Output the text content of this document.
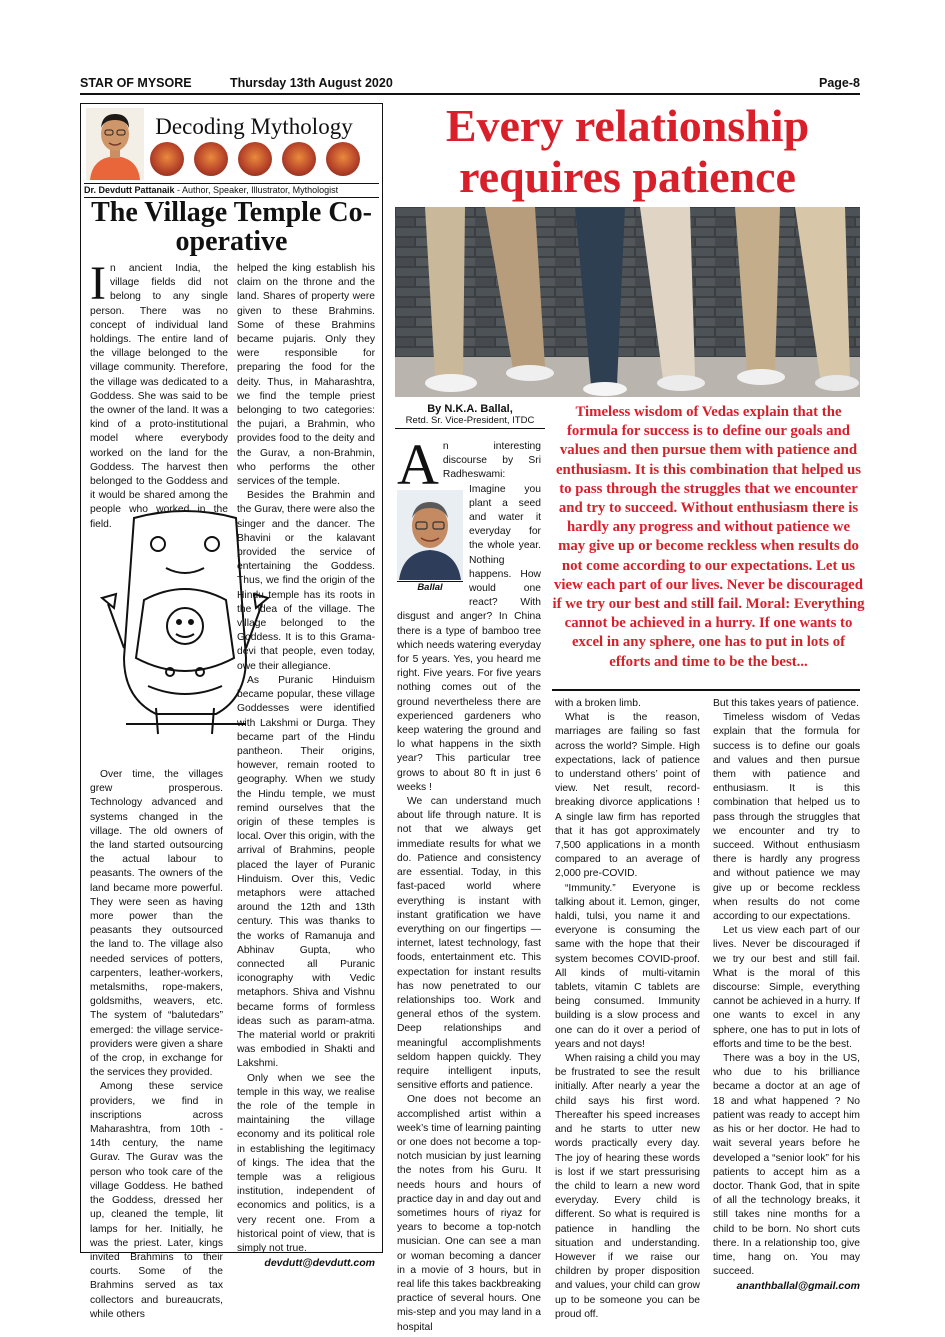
STAR OF MYSORE	Thursday 13th August 2020	Page-8
Decoding Mythology
Dr. Devdutt Pattanaik - Author, Speaker, Illustrator, Mythologist
The Village Temple Co-operative
I n ancient India, the village fields did not belong to any single person. There was no concept of individual land holdings. The entire land of the village belonged to the village community. Therefore, the village was dedicated to a Goddess. She was said to be the owner of the land. It was a kind of a proto-institutional model where everybody worked on the land for the Goddess. The harvest then belonged to the Goddess and it would be shared among the people who worked in the field.

Over time, the villages grew prosperous. Technology advanced and systems changed in the village. The old owners of the land started outsourcing the actual labour to peasants. The owners of the land became more powerful. They were seen as having more power than the peasants they outsourced the land to. The village also needed services of potters, carpenters, leather-workers, metalsmiths, rope-makers, goldsmiths, weavers, etc. The system of “balutedars” emerged: the village service-providers were given a share of the crop, in exchange for the services they provided.

Among these service providers, we find in inscriptions across Maharashtra, from 10th - 14th century, the name Gurav. The Gurav was the person who took care of the village Goddess. He bathed the Goddess, dressed her up, cleaned the temple, lit lamps for her. Initially, he was the priest. Later, kings invited Brahmins to their courts. Some of the Brahmins served as tax collectors and bureaucrats, while others

helped the king establish his claim on the throne and the land. Shares of property were given to these Brahmins. Some of these Brahmins became pujaris. Only they were responsible for preparing the food for the deity. Thus, in Maharashtra, we find the temple priest belonging to two categories: the pujari, a Brahmin, who provides food to the deity and the Gurav, a non-Brahmin, who performs the other services of the temple.

Besides the Brahmin and the Gurav, there were also the singer and the dancer. The Bhavini or the kalavant provided the service of entertaining the Goddess. Thus, we find the origin of the Hindu temple has its roots in the idea of the village. The village belonged to the Goddess. It is to this Grama-devi that people, even today, owe their allegiance.

As Puranic Hinduism became popular, these village Goddesses were identified with Lakshmi or Durga. They became part of the Hindu pantheon. Their origins, however, remain rooted to geography. When we study the Hindu temple, we must remind ourselves that the origin of these temples is local. Over this origin, with the arrival of Brahmins, people placed the layer of Puranic Hinduism. Over this, Vedic metaphors were attached around the 12th and 13th century. This was thanks to the works of Ramanuja and Abhinav Gupta, who connected all Puranic iconography with Vedic metaphors. Shiva and Vishnu became forms of formless ideas such as param-atma. The material world or prakriti was embodied in Shakti and Lakshmi.

Only when we see the temple in this way, we realise the role of the temple in maintaining the village economy and its political role in establishing the legitimacy of kings. The idea that the temple was a religious institution, independent of economics and politics, is a very recent one. From a historical point of view, that is simply not true.

devdutt@devdutt.com
Every relationship requires patience
By N.K.A. Ballal,
Retd. Sr. Vice-President, ITDC
Timeless wisdom of Vedas explain that the formula for success is to define our goals and values and then pursue them with patience and enthusiasm. It is this combination that helped us to pass through the struggles that we encounter and try to succeed. Without enthusiasm there is hardly any progress and without patience we may give up or become reckless when results do not come according to our expectations. Let us view each part of our lives. Never be discouraged if we try our best and still fail. Moral: Everything cannot be achieved in a hurry. If one wants to excel in any sphere, one has to put in lots of efforts and time to be the best...
Ballal
A n interesting discourse by Sri Radheswami: Imagine you plant a seed and water it everyday for the whole year. Nothing happens. How would one react? With disgust and anger? In China there is a type of bamboo tree which needs watering everyday for 5 years. Yes, you heard me right. Five years. For five years nothing comes out of the ground nevertheless there are experienced gardeners who keep watering the ground and lo what happens in the sixth year? This particular tree grows to about 80 ft in just 6 weeks !

We can understand much about life through nature. It is not that we always get immediate results for what we do. Patience and consistency are essential. Today, in this fast-paced world where everything is instant with instant gratification we have everything on our fingertips — internet, latest technology, fast foods, entertainment etc. This expectation for instant results has now penetrated to our relationships too. Work and general ethos of the system. Deep relationships and meaningful accomplishments seldom happen quickly. They require intelligent inputs, sensitive efforts and patience.

One does not become an accomplished artist within a week’s time of learning painting or one does not become a top-notch musician by just learning the notes from his Guru. It needs hours and hours of practice day in and day out and sometimes hours of riyaz for years to become a top-notch musician. One can see a man or woman becoming a dancer in a movie of 3 hours, but in real life this takes backbreaking practice of several hours. One mis-step and you may land in a hospital

with a broken limb.

What is the reason, marriages are failing so fast across the world? Simple. High expectations, lack of patience to understand others’ point of view. Net result, record-breaking divorce applications ! A single law firm has reported that it has got approximately 7,500 applications in a month compared to an average of 2,000 pre-COVID.

“Immunity.” Everyone is talking about it. Lemon, ginger, haldi, tulsi, you name it and everyone is consuming the same with the hope that their system becomes COVID-proof. All kinds of multi-vitamin tablets, vitamin C tablets are being consumed. Immunity building is a slow process and one can do it over a period of years and not days!

When raising a child you may be frustrated to see the result initially. After nearly a year the child says his first word. Thereafter his speed increases and he starts to utter new words practically every day. The joy of hearing these words is lost if we start pressurising the child to learn a new word everyday. Every child is different. So what is required is patience in handling the situation and understanding. However if we raise our children by proper disposition and values, your child can grow up to be someone you can be proud off.

But this takes years of patience.

Timeless wisdom of Vedas explain that the formula for success is to define our goals and values and then pursue them with patience and enthusiasm. It is this combination that helped us to pass through the struggles that we encounter and try to succeed. Without enthusiasm there is hardly any progress and without patience we may give up or become reckless when results do not come according to our expectations.

Let us view each part of our lives. Never be discouraged if we try our best and still fail. What is the moral of this discourse: Simple, everything cannot be achieved in a hurry. If one wants to excel in any sphere, one has to put in lots of efforts and time to be the best.

There was a boy in the US, who due to his brilliance became a doctor at an age of 18 and what happened ? No patient was ready to accept him as his or her doctor. He had to wait several years before he developed a “senior look” for his patients to accept him as a doctor. Thank God, that in spite of all the technology breaks, it still takes nine months for a child to be born. No short cuts there. In a relationship too, give time, hang on. You may succeed.

ananthballal@gmail.com
